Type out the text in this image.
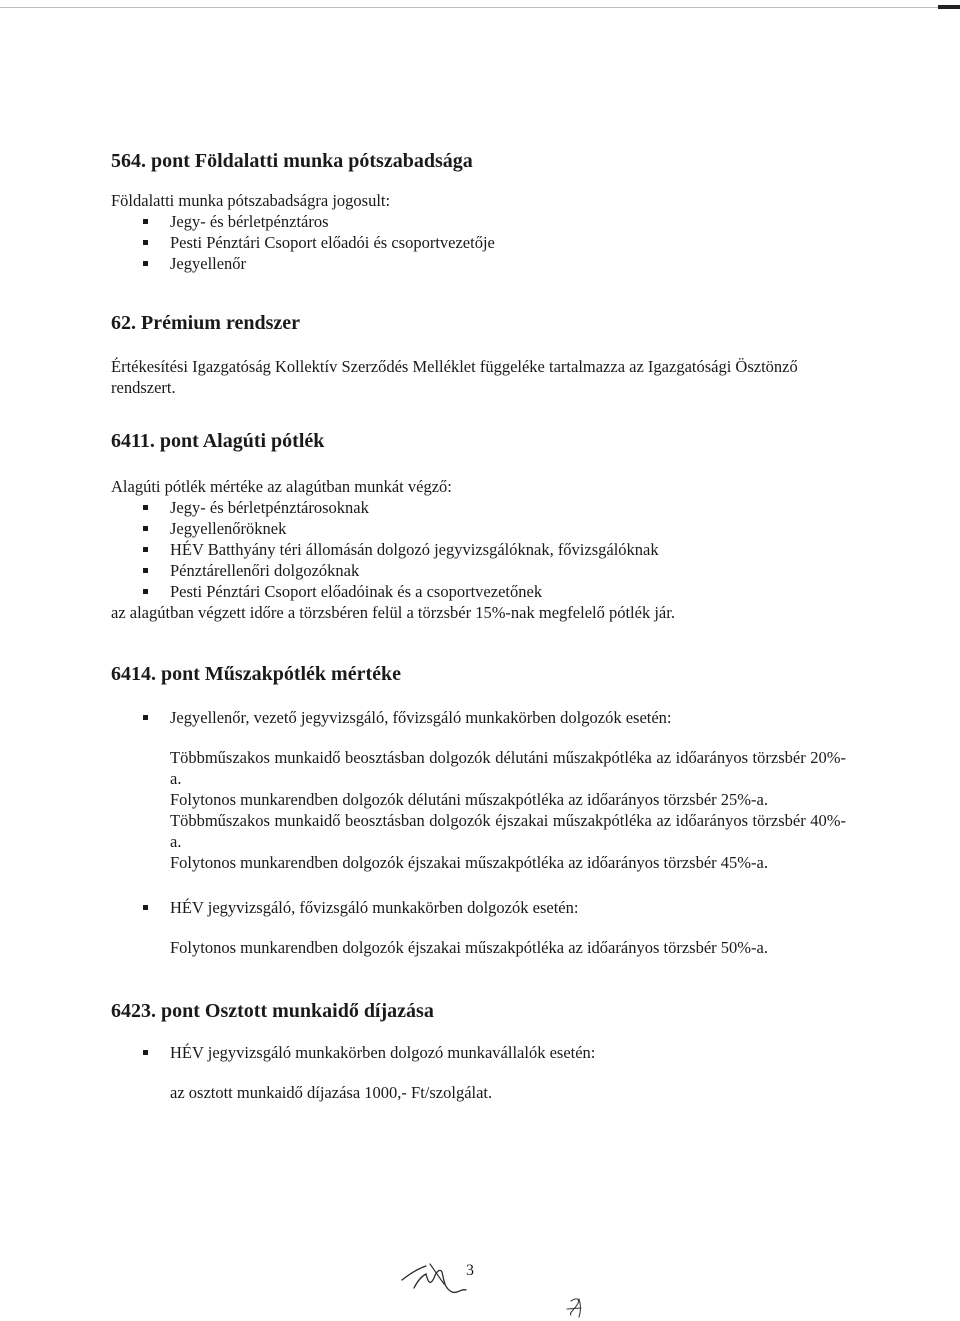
564. pont Földalatti munka pótszabadsága

Földalatti munka pótszabadságra jogosult:

Jegy- és bérletpénztáros
Pesti Pénztári Csoport előadói és csoportvezetője
Jegyellenőr
62. Prémium rendszer

Értékesítési Igazgatóság Kollektív Szerződés Melléklet függeléke tartalmazza az Igazgatósági Ösztönző rendszert.

6411. pont Alagúti pótlék

Alagúti pótlék mértéke az alagútban munkát végző:

Jegy- és bérletpénztárosoknak
Jegyellenőröknek
HÉV Batthyány téri állomásán dolgozó jegyvizsgálóknak, fővizsgálóknak
Pénztárellenőri dolgozóknak
Pesti Pénztári Csoport előadóinak és a csoportvezetőnek

az alagútban végzett időre a törzsbéren felül a törzsbér 15%-nak megfelelő pótlék jár.

6414. pont Műszakpótlék mértéke
Jegyellenőr, vezető jegyvizsgáló, fővizsgáló munkakörben dolgozók esetén:

Többműszakos munkaidő beosztásban dolgozók délutáni műszakpótléka az időarányos törzsbér 20%-a.

Folytonos munkarendben dolgozók délutáni műszakpótléka az időarányos törzsbér 25%-a.

Többműszakos munkaidő beosztásban dolgozók éjszakai műszakpótléka az időarányos törzsbér 40%-a.

Folytonos munkarendben dolgozók éjszakai műszakpótléka az időarányos törzsbér 45%-a.

HÉV jegyvizsgáló, fővizsgáló munkakörben dolgozók esetén:

Folytonos munkarendben dolgozók éjszakai műszakpótléka az időarányos törzsbér 50%-a.

6423. pont Osztott munkaidő díjazása
HÉV jegyvizsgáló munkakörben dolgozó munkavállalók esetén:

az osztott munkaidő díjazása 1000,- Ft/szolgálat.

3
